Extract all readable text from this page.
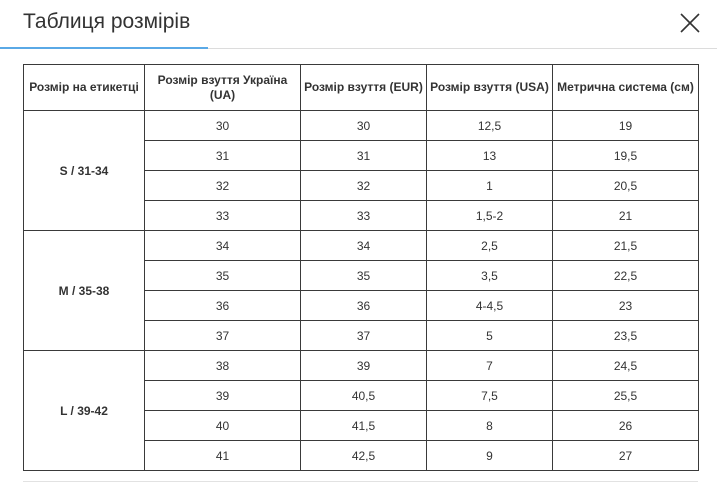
Таблиця розмірів
Розмір на етикетці	Розмір взуття Україна (UA)	Розмір взуття (EUR)	Розмір взуття (USA)	Метрична система (см)
S / 31-34	30	30	12,5	19
	31	31	13	19,5
	32	32	1	20,5
	33	33	1,5-2	21
M / 35-38	34	34	2,5	21,5
	35	35	3,5	22,5
	36	36	4-4,5	23
	37	37	5	23,5
L / 39-42	38	39	7	24,5
	39	40,5	7,5	25,5
	40	41,5	8	26
	41	42,5	9	27
